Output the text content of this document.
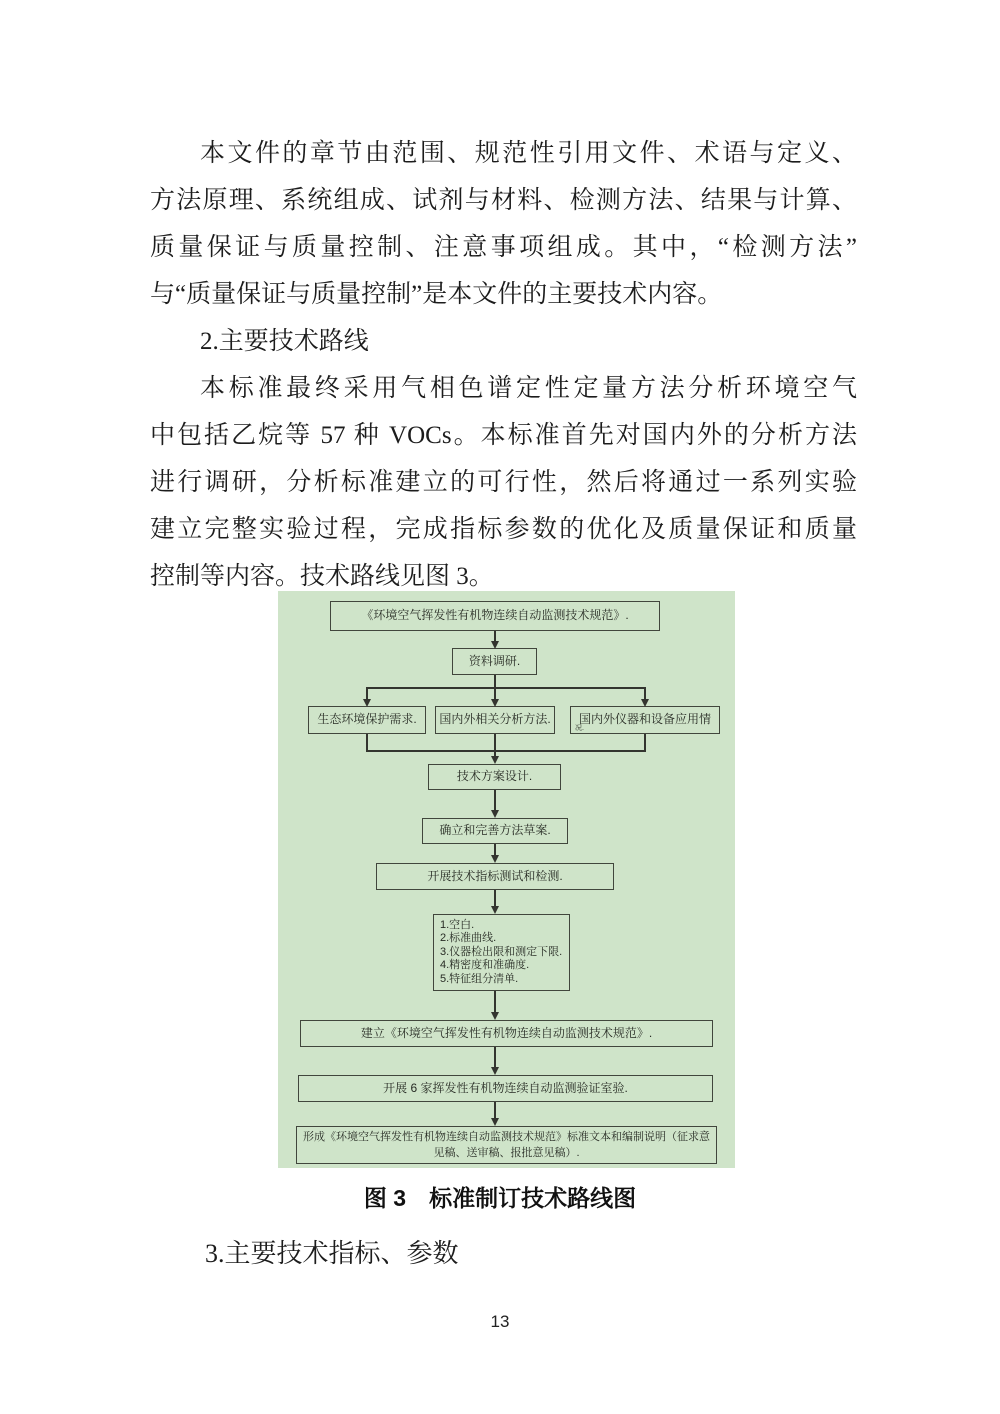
本文件的章节由范围、规范性引用文件、术语与定义、
方法原理、系统组成、试剂与材料、检测方法、结果与计算、
质量保证与质量控制、注意事项组成。其中，“检测方法”
与“质量保证与质量控制”是本文件的主要技术内容。
2.主要技术路线
本标准最终采用气相色谱定性定量方法分析环境空气
中包括乙烷等 57 种 VOCs。本标准首先对国内外的分析方法
进行调研，分析标准建立的可行性，然后将通过一系列实验
建立完整实验过程，完成指标参数的优化及质量保证和质量
控制等内容。技术路线见图 3。
《环境空气挥发性有机物连续自动监测技术规范》.
资料调研.
生态环境保护需求.	国内外相关分析方法.	国内外仪器和设备应用情
况.
技术方案设计.
确立和完善方法草案.
开展技术指标测试和检测.
1.空白.
2.标准曲线.
3.仪器检出限和测定下限.
4.精密度和准确度.
5.特征组分清单.
建立《环境空气挥发性有机物连续自动监测技术规范》.
开展 6 家挥发性有机物连续自动监测验证室验.
形成《环境空气挥发性有机物连续自动监测技术规范》标准文本和编制说明（征求意见稿、送审稿、报批意见稿）.
图 3　标准制订技术路线图
3.主要技术指标、参数
13
